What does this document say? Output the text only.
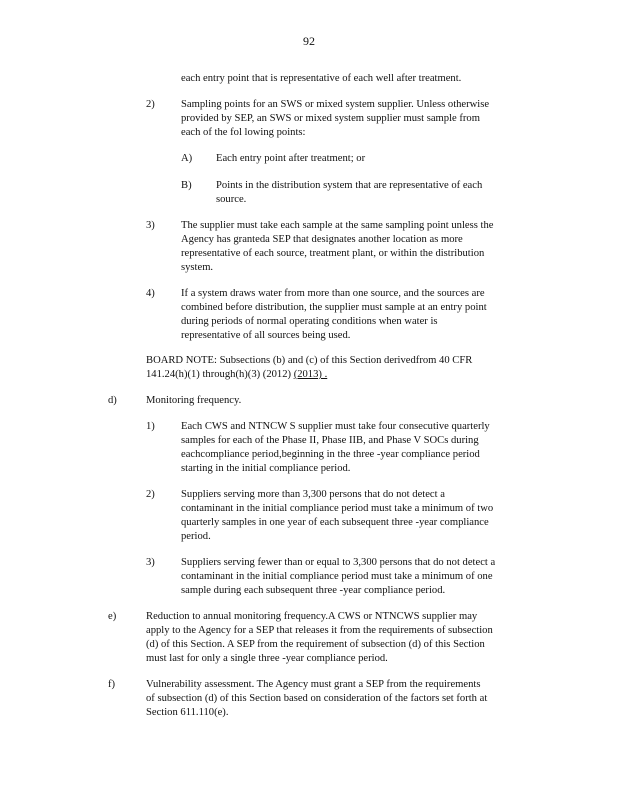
92
each entry point that is representative of each well after treatment.
2) Sampling points for an SWS or mixed system supplier. Unless otherwise
provided by SEP, an SWS or mixed system supplier must sample from
each of the fol lowing points:
A) Each entry point after treatment; or
B) Points in the distribution system that are representative of each
source.
3) The supplier must take each sample at the same sampling point unless the
Agency has granteda SEP that designates another location as more
representative of each source, treatment plant, or within the distribution
system.
4) If a system draws water from more than one source, and the sources are
combined before distribution, the supplier must sample at an entry point
during periods of normal operating conditions when water is
representative of all sources being used.
BOARD NOTE: Subsections (b) and (c) of this Section derivedfrom 40 CFR
141.24(h)(1) through(h)(3) (2012) (2013) .
d)	Monitoring frequency.
1) Each CWS and NTNCW S supplier must take four consecutive quarterly
samples for each of the Phase II, Phase IIB, and Phase V SOCs during
eachcompliance period,beginning in the three -year compliance period
starting in the initial compliance period.
2) Suppliers serving more than 3,300 persons that do not detect a
contaminant in the initial compliance period must take a minimum of two
quarterly samples in one year of each subsequent three -year compliance
period.
3) Suppliers serving fewer than or equal to 3,300 persons that do not detect a
contaminant in the initial compliance period must take a minimum of one
sample during each subsequent three -year compliance period.
e)	Reduction to annual monitoring frequency.A CWS or NTNCWS supplier may
apply to the Agency for a SEP that releases it from the requirements of subsection
(d) of this Section. A SEP from the requirement of subsection (d) of this Section
must last for only a single three -year compliance period.
f)	Vulnerability assessment. The Agency must grant a SEP from the requirements
of subsection (d) of this Section based on consideration of the factors set forth at
Section 611.110(e).
